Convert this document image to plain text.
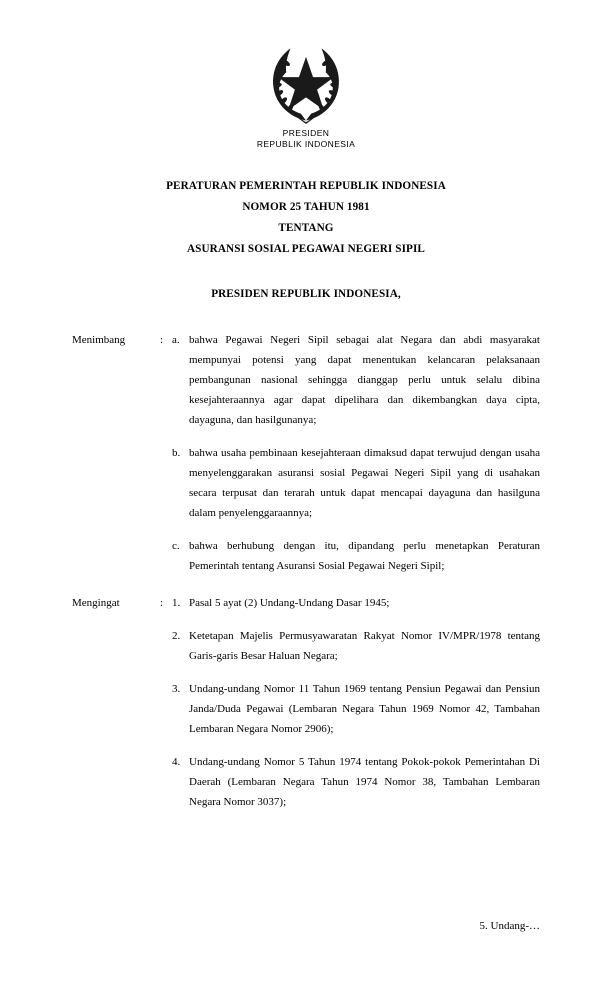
PRESIDEN
REPUBLIK INDONESIA
PERATURAN PEMERINTAH REPUBLIK INDONESIA
NOMOR 25 TAHUN 1981
TENTANG
ASURANSI SOSIAL PEGAWAI NEGERI SIPIL
PRESIDEN REPUBLIK INDONESIA,
Menimbang	: a. bahwa Pegawai Negeri Sipil sebagai alat Negara dan abdi masyarakat mempunyai potensi yang dapat menentukan kelancaran pelaksanaan pembangunan nasional sehingga dianggap perlu untuk selalu dibina kesejahteraannya agar dapat dipelihara dan dikembangkan daya cipta, dayaguna, dan hasilgunanya;
b. bahwa usaha pembinaan kesejahteraan dimaksud dapat terwujud dengan usaha menyelenggarakan asuransi sosial Pegawai Negeri Sipil yang di usahakan secara terpusat dan terarah untuk dapat mencapai dayaguna dan hasilguna dalam penyelenggaraannya;
c. bahwa berhubung dengan itu, dipandang perlu menetapkan Peraturan Pemerintah tentang Asuransi Sosial Pegawai Negeri Sipil;
Mengingat	: 1. Pasal 5 ayat (2) Undang-Undang Dasar 1945;
2. Ketetapan Majelis Permusyawaratan Rakyat Nomor IV/MPR/1978 tentang Garis-garis Besar Haluan Negara;
3. Undang-undang Nomor 11 Tahun 1969 tentang Pensiun Pegawai dan Pensiun Janda/Duda Pegawai (Lembaran Negara Tahun 1969 Nomor 42, Tambahan Lembaran Negara Nomor 2906);
4. Undang-undang Nomor 5 Tahun 1974 tentang Pokok-pokok Pemerintahan Di Daerah (Lembaran Negara Tahun 1974 Nomor 38, Tambahan Lembaran Negara Nomor 3037);
5. Undang-…
